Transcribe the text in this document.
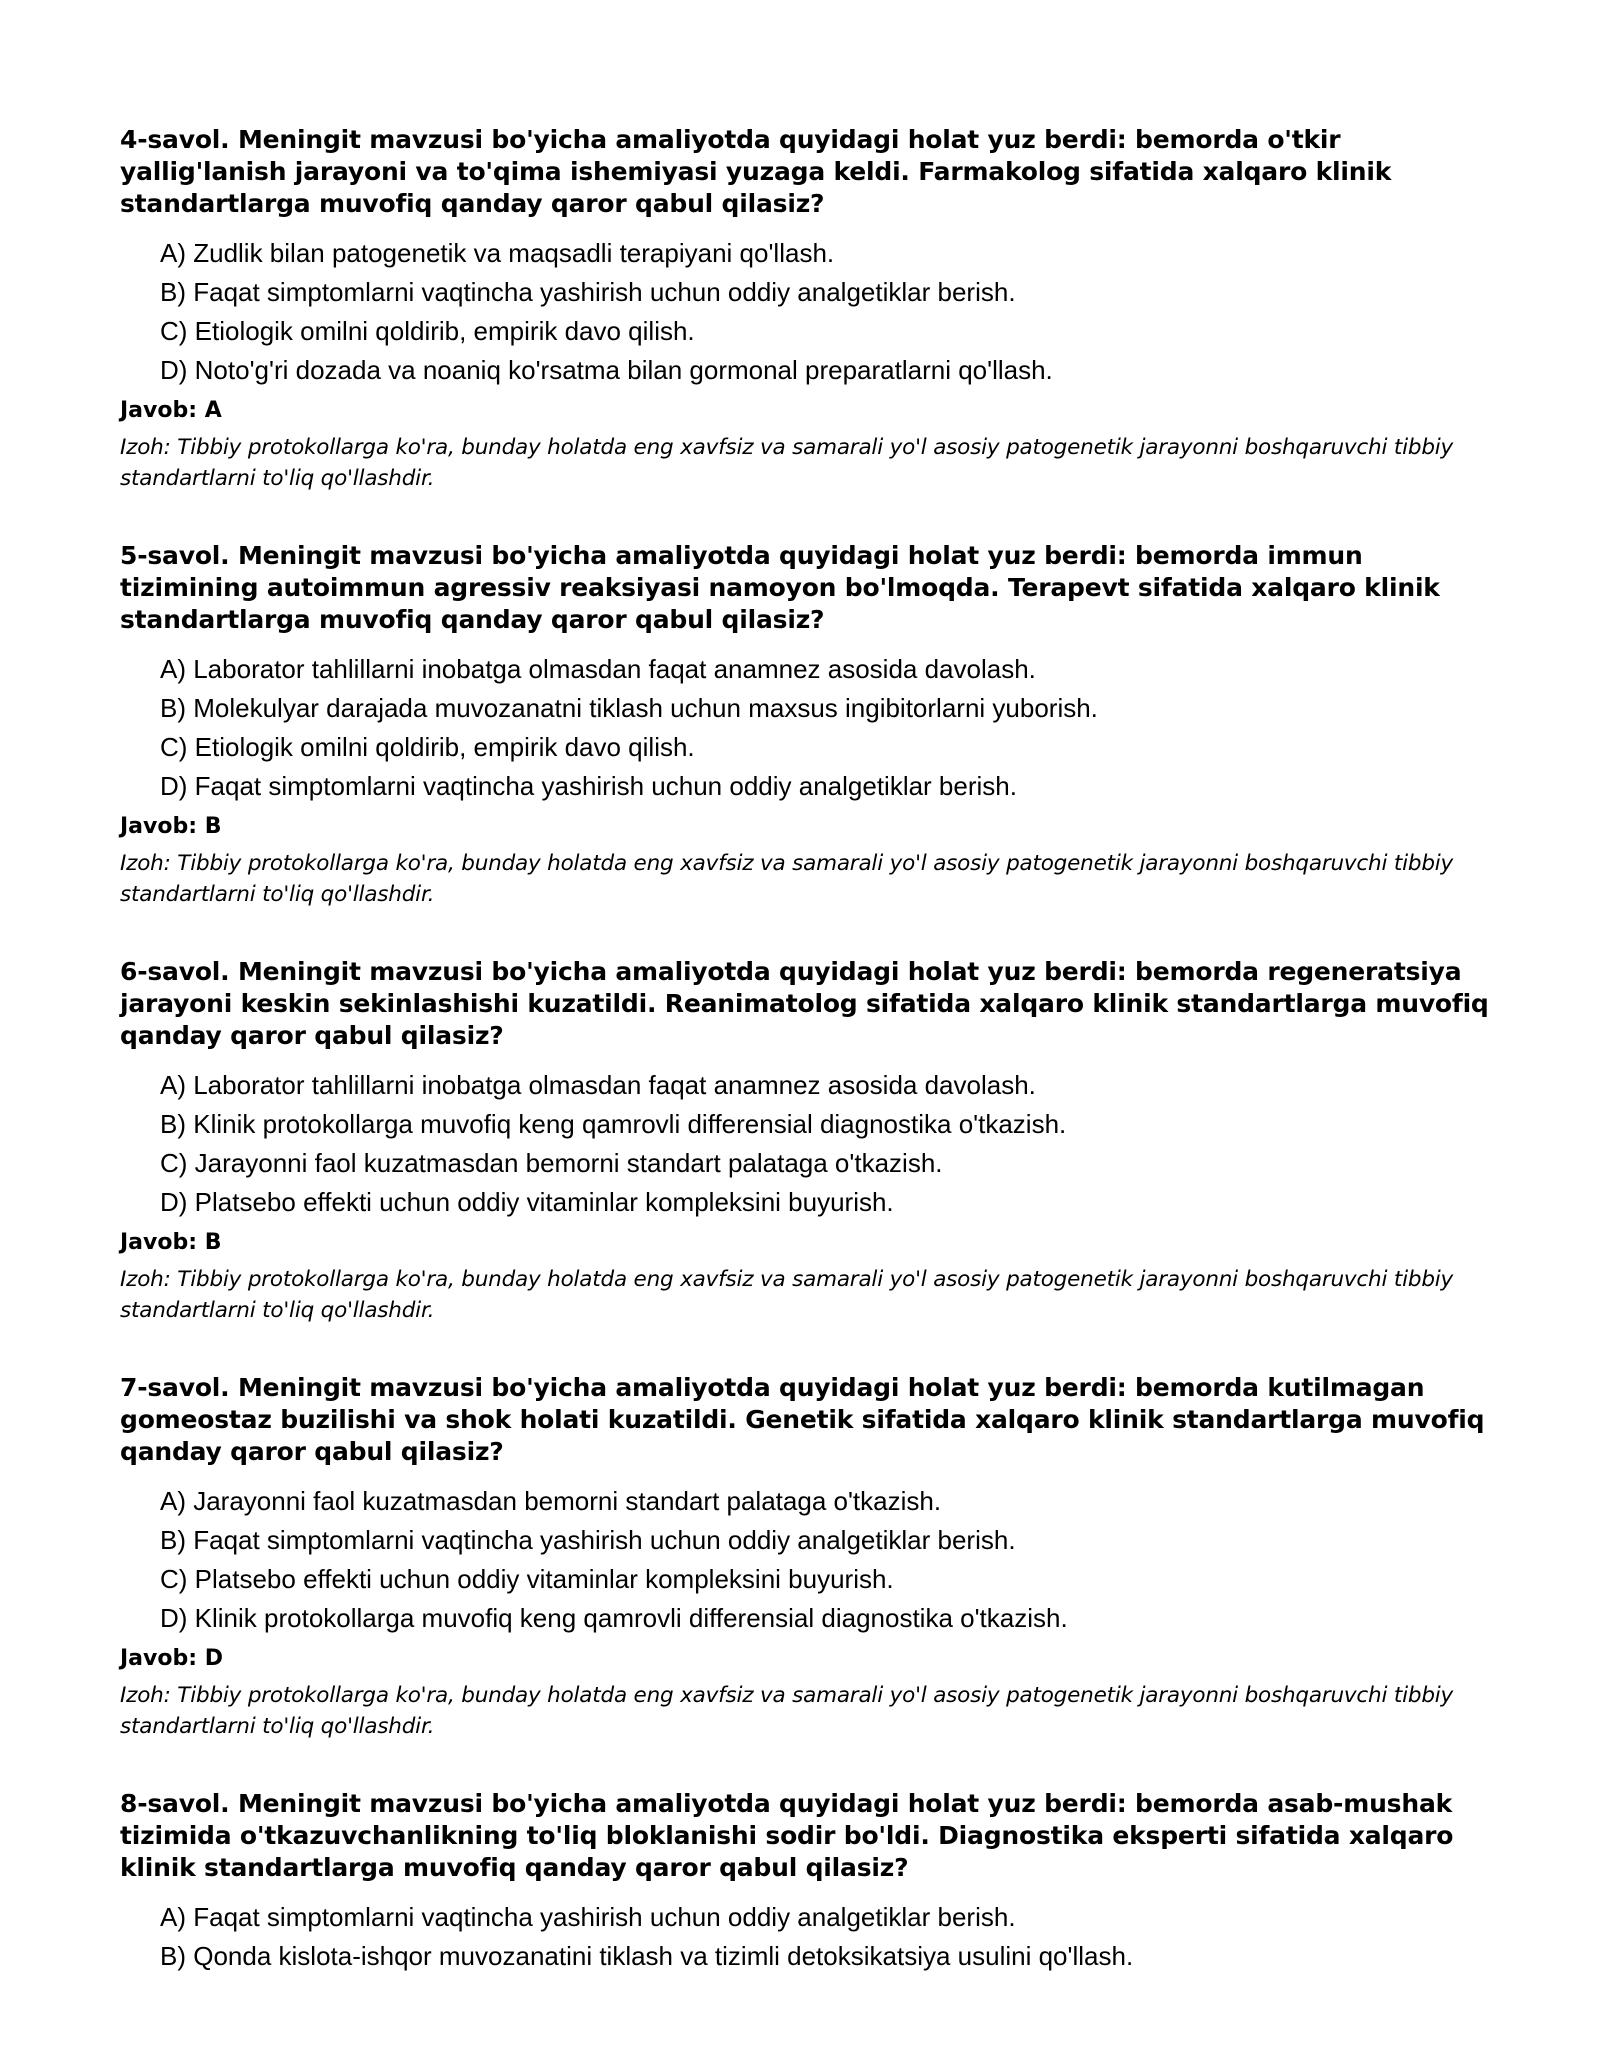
4-savol. Meningit mavzusi bo'yicha amaliyotda quyidagi holat yuz berdi: bemorda o'tkir yallig'lanish jarayoni va to'qima ishemiyasi yuzaga keldi. Farmakolog sifatida xalqaro klinik standartlarga muvofiq qanday qaror qabul qilasiz?

A) Zudlik bilan patogenetik va maqsadli terapiyani qo'llash.
B) Faqat simptomlarni vaqtincha yashirish uchun oddiy analgetiklar berish.
C) Etiologik omilni qoldirib, empirik davo qilish.
D) Noto'g'ri dozada va noaniq ko'rsatma bilan gormonal preparatlarni qo'llash.

Javob: A

Izoh: Tibbiy protokollarga ko'ra, bunday holatda eng xavfsiz va samarali yo'l asosiy patogenetik jarayonni boshqaruvchi tibbiy standartlarni to'liq qo'llashdir.

5-savol. Meningit mavzusi bo'yicha amaliyotda quyidagi holat yuz berdi: bemorda immun tizimining autoimmun agressiv reaksiyasi namoyon bo'lmoqda. Terapevt sifatida xalqaro klinik standartlarga muvofiq qanday qaror qabul qilasiz?

A) Laborator tahlillarni inobatga olmasdan faqat anamnez asosida davolash.
B) Molekulyar darajada muvozanatni tiklash uchun maxsus ingibitorlarni yuborish.
C) Etiologik omilni qoldirib, empirik davo qilish.
D) Faqat simptomlarni vaqtincha yashirish uchun oddiy analgetiklar berish.

Javob: B

Izoh: Tibbiy protokollarga ko'ra, bunday holatda eng xavfsiz va samarali yo'l asosiy patogenetik jarayonni boshqaruvchi tibbiy standartlarni to'liq qo'llashdir.

6-savol. Meningit mavzusi bo'yicha amaliyotda quyidagi holat yuz berdi: bemorda regeneratsiya jarayoni keskin sekinlashishi kuzatildi. Reanimatolog sifatida xalqaro klinik standartlarga muvofiq qanday qaror qabul qilasiz?

A) Laborator tahlillarni inobatga olmasdan faqat anamnez asosida davolash.
B) Klinik protokollarga muvofiq keng qamrovli differensial diagnostika o'tkazish.
C) Jarayonni faol kuzatmasdan bemorni standart palataga o'tkazish.
D) Platsebo effekti uchun oddiy vitaminlar kompleksini buyurish.

Javob: B

Izoh: Tibbiy protokollarga ko'ra, bunday holatda eng xavfsiz va samarali yo'l asosiy patogenetik jarayonni boshqaruvchi tibbiy standartlarni to'liq qo'llashdir.

7-savol. Meningit mavzusi bo'yicha amaliyotda quyidagi holat yuz berdi: bemorda kutilmagan gomeostaz buzilishi va shok holati kuzatildi. Genetik sifatida xalqaro klinik standartlarga muvofiq qanday qaror qabul qilasiz?

A) Jarayonni faol kuzatmasdan bemorni standart palataga o'tkazish.
B) Faqat simptomlarni vaqtincha yashirish uchun oddiy analgetiklar berish.
C) Platsebo effekti uchun oddiy vitaminlar kompleksini buyurish.
D) Klinik protokollarga muvofiq keng qamrovli differensial diagnostika o'tkazish.

Javob: D

Izoh: Tibbiy protokollarga ko'ra, bunday holatda eng xavfsiz va samarali yo'l asosiy patogenetik jarayonni boshqaruvchi tibbiy standartlarni to'liq qo'llashdir.

8-savol. Meningit mavzusi bo'yicha amaliyotda quyidagi holat yuz berdi: bemorda asab-mushak tizimida o'tkazuvchanlikning to'liq bloklanishi sodir bo'ldi. Diagnostika eksperti sifatida xalqaro klinik standartlarga muvofiq qanday qaror qabul qilasiz?

A) Faqat simptomlarni vaqtincha yashirish uchun oddiy analgetiklar berish.
B) Qonda kislota-ishqor muvozanatini tiklash va tizimli detoksikatsiya usulini qo'llash.
